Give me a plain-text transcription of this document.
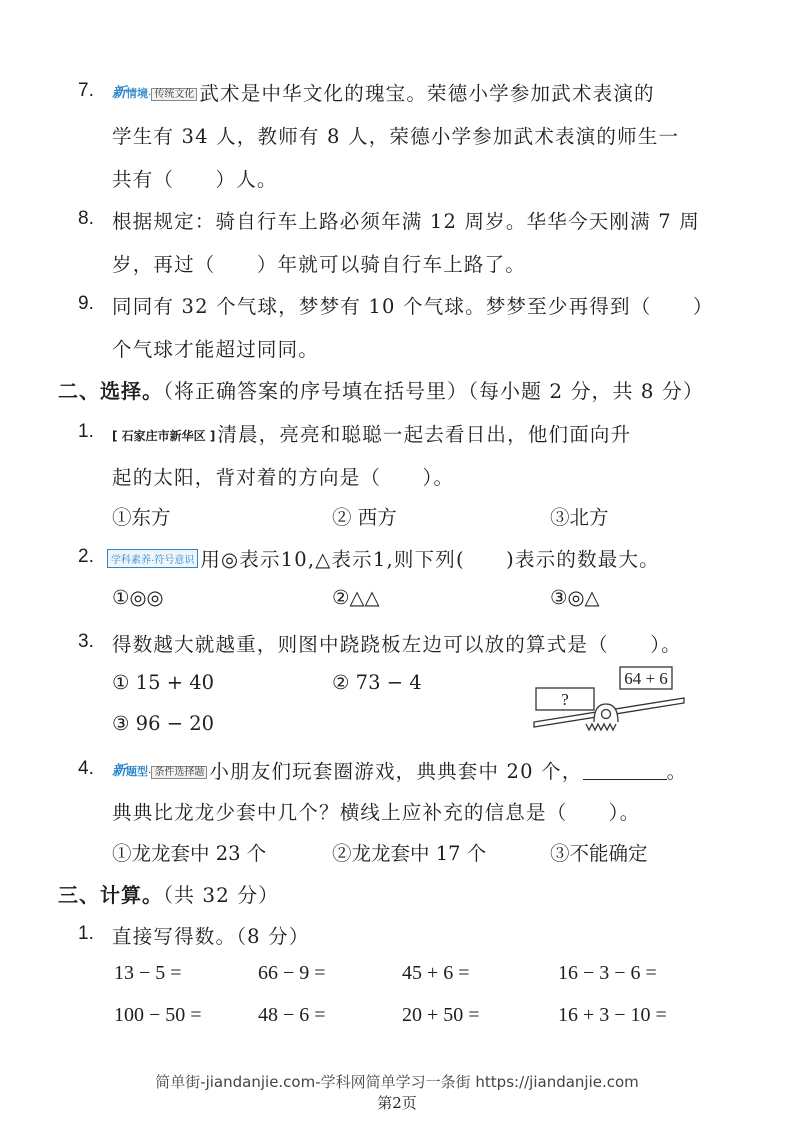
7. 新情境· 传统文化 武术是中华文化的瑰宝。荣德小学参加武术表演的
学生有 34 人，教师有 8 人，荣德小学参加武术表演的师生一
共有（　　）人。
8. 根据规定：骑自行车上路必须年满 12 周岁。华华今天刚满 7 周
岁，再过（　　）年就可以骑自行车上路了。
9. 同同有 32 个气球，梦梦有 10 个气球。梦梦至少再得到（　　）
个气球才能超过同同。
二、选择。（将正确答案的序号填在括号里）（每小题 2 分，共 8 分）
1. [ 石家庄市新华区 ] 清晨，亮亮和聪聪一起去看日出，他们面向升
起的太阳，背对着的方向是（　　）。
①东方	② 西方	③北方
2.	学科素养·符号意识 用◎表示10,△表示1,则下列(　　)表示的数最大。
①◎◎	②△△	③◎△
3. 得数越大就越重，则图中跷跷板左边可以放的算式是（　　）。
① 15 + 40	② 73 − 4
③ 96 − 20
?
64 + 6
4. 新题型· 条件选择题 小朋友们玩套圈游戏，典典套中 20 个，	。
典典比龙龙少套中几个？横线上应补充的信息是（　　）。
①龙龙套中 23 个	②龙龙套中 17 个	③不能确定
三、计算。（共 32 分）
1. 直接写得数。（8 分）
13 − 5 =	66 − 9 =	45 + 6 =	16 − 3 − 6 =
100 − 50 =	48 − 6 =	20 + 50 =	16 + 3 − 10 =
简单街-jiandanjie.com-学科网简单学习一条街 https://jiandanjie.com
第2页
